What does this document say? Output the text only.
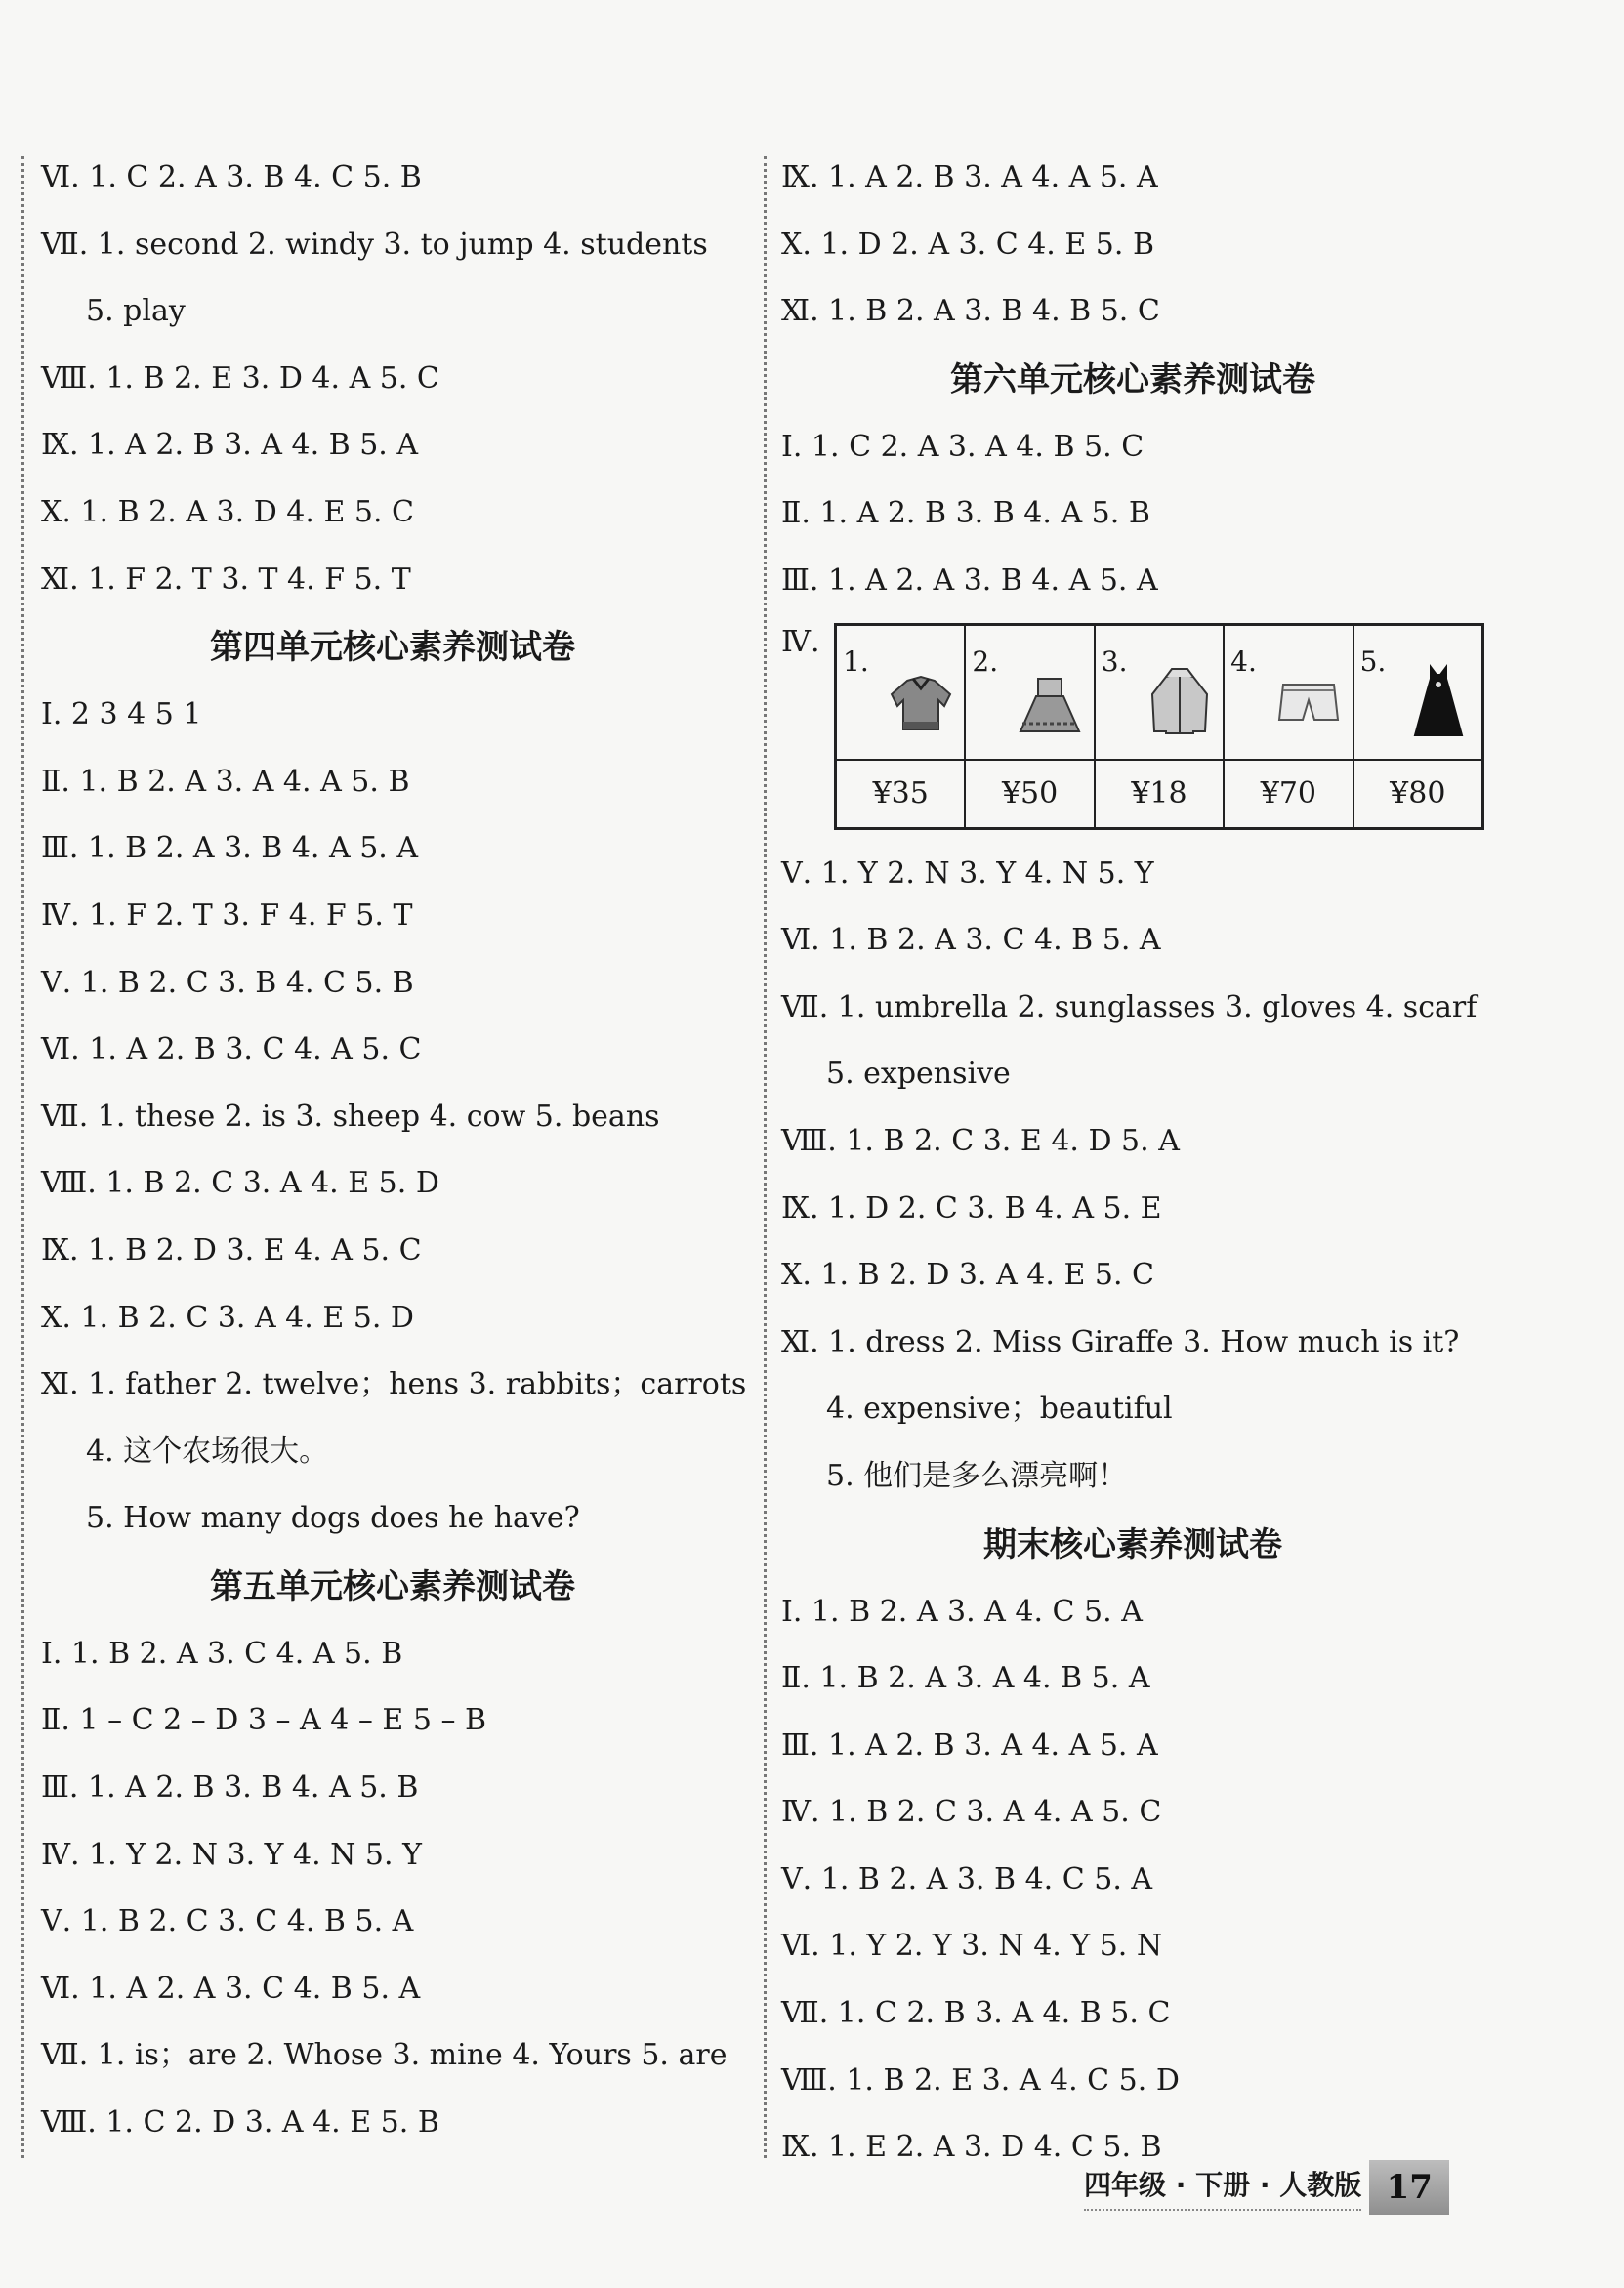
Ⅵ. 1. C 2. A 3. B 4. C 5. B
Ⅶ. 1. second 2. windy 3. to jump 4. students
5. play
Ⅷ. 1. B 2. E 3. D 4. A 5. C
Ⅸ. 1. A 2. B 3. A 4. B 5. A
Ⅹ. 1. B 2. A 3. D 4. E 5. C
Ⅺ. 1. F 2. T 3. T 4. F 5. T
第四单元核心素养测试卷
Ⅰ. 2 3 4 5 1
Ⅱ. 1. B 2. A 3. A 4. A 5. B
Ⅲ. 1. B 2. A 3. B 4. A 5. A
Ⅳ. 1. F 2. T 3. F 4. F 5. T
Ⅴ. 1. B 2. C 3. B 4. C 5. B
Ⅵ. 1. A 2. B 3. C 4. A 5. C
Ⅶ. 1. these 2. is 3. sheep 4. cow 5. beans
Ⅷ. 1. B 2. C 3. A 4. E 5. D
Ⅸ. 1. B 2. D 3. E 4. A 5. C
Ⅹ. 1. B 2. C 3. A 4. E 5. D
Ⅺ. 1. father 2. twelve；hens 3. rabbits；carrots
4. 这个农场很大。
5. How many dogs does he have?
第五单元核心素养测试卷
Ⅰ. 1. B 2. A 3. C 4. A 5. B
Ⅱ. 1 – C 2 – D 3 – A 4 – E 5 – B
Ⅲ. 1. A 2. B 3. B 4. A 5. B
Ⅳ. 1. Y 2. N 3. Y 4. N 5. Y
Ⅴ. 1. B 2. C 3. C 4. B 5. A
Ⅵ. 1. A 2. A 3. C 4. B 5. A
Ⅶ. 1. is；are 2. Whose 3. mine 4. Yours 5. are
Ⅷ. 1. C 2. D 3. A 4. E 5. B
Ⅸ. 1. A 2. B 3. A 4. A 5. A
Ⅹ. 1. D 2. A 3. C 4. E 5. B
Ⅺ. 1. B 2. A 3. B 4. B 5. C
第六单元核心素养测试卷
Ⅰ. 1. C 2. A 3. A 4. B 5. C
Ⅱ. 1. A 2. B 3. B 4. A 5. B
Ⅲ. 1. A 2. A 3. B 4. A 5. A
Ⅳ.
1.	2.	3.	4.	5.

¥35	¥50	¥18	¥70	¥80
Ⅴ. 1. Y 2. N 3. Y 4. N 5. Y
Ⅵ. 1. B 2. A 3. C 4. B 5. A
Ⅶ. 1. umbrella 2. sunglasses 3. gloves 4. scarf
5. expensive
Ⅷ. 1. B 2. C 3. E 4. D 5. A
Ⅸ. 1. D 2. C 3. B 4. A 5. E
Ⅹ. 1. B 2. D 3. A 4. E 5. C
Ⅺ. 1. dress 2. Miss Giraffe 3. How much is it?
4. expensive；beautiful
5. 他们是多么漂亮啊！
期末核心素养测试卷
Ⅰ. 1. B 2. A 3. A 4. C 5. A
Ⅱ. 1. B 2. A 3. A 4. B 5. A
Ⅲ. 1. A 2. B 3. A 4. A 5. A
Ⅳ. 1. B 2. C 3. A 4. A 5. C
Ⅴ. 1. B 2. A 3. B 4. C 5. A
Ⅵ. 1. Y 2. Y 3. N 4. Y 5. N
Ⅶ. 1. C 2. B 3. A 4. B 5. C
Ⅷ. 1. B 2. E 3. A 4. C 5. D
Ⅸ. 1. E 2. A 3. D 4. C 5. B
四年级 · 下册 · 人教版 17
